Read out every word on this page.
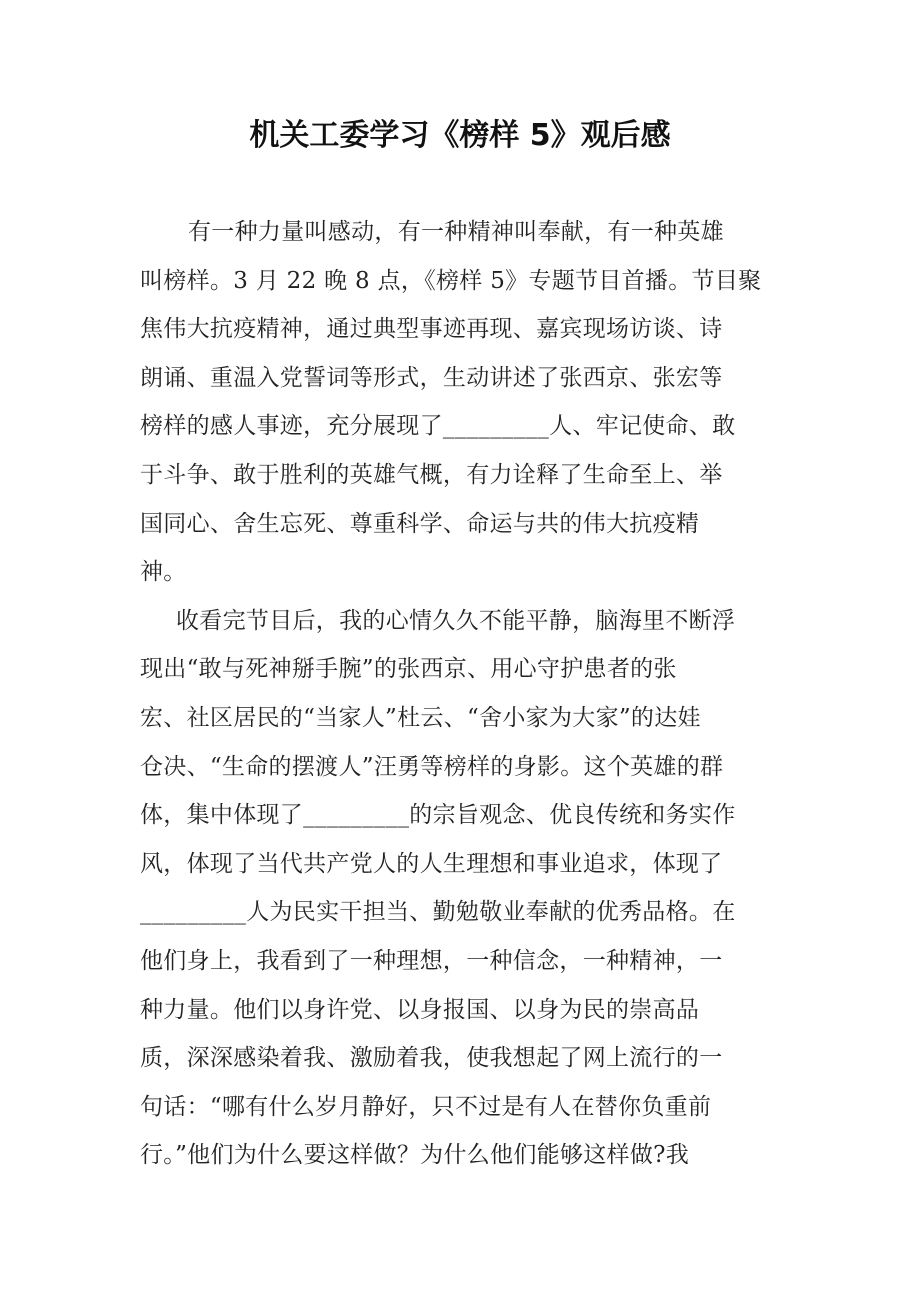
机关工委学习《榜样 5》观后感
有一种力量叫感动，有一种精神叫奉献，有一种英雄
叫榜样。3 月 22 晚 8 点，《榜样 5》专题节目首播。节目聚
焦伟大抗疫精神，通过典型事迹再现、嘉宾现场访谈、诗
朗诵、重温入党誓词等形式，生动讲述了张西京、张宏等
榜样的感人事迹，充分展现了_________人、牢记使命、敢
于斗争、敢于胜利的英雄气概，有力诠释了生命至上、举
国同心、舍生忘死、尊重科学、命运与共的伟大抗疫精
神。
收看完节目后，我的心情久久不能平静，脑海里不断浮
现出“敢与死神掰手腕”的张西京、用心守护患者的张
宏、社区居民的“当家人”杜云、“舍小家为大家”的达娃
仓决、“生命的摆渡人”汪勇等榜样的身影。这个英雄的群
体，集中体现了_________的宗旨观念、优良传统和务实作
风，体现了当代共产党人的人生理想和事业追求，体现了
_________人为民实干担当、勤勉敬业奉献的优秀品格。在
他们身上，我看到了一种理想，一种信念，一种精神，一
种力量。他们以身许党、以身报国、以身为民的崇高品
质，深深感染着我、激励着我，使我想起了网上流行的一
句话：“哪有什么岁月静好，只不过是有人在替你负重前
行。”他们为什么要这样做？为什么他们能够这样做?我
